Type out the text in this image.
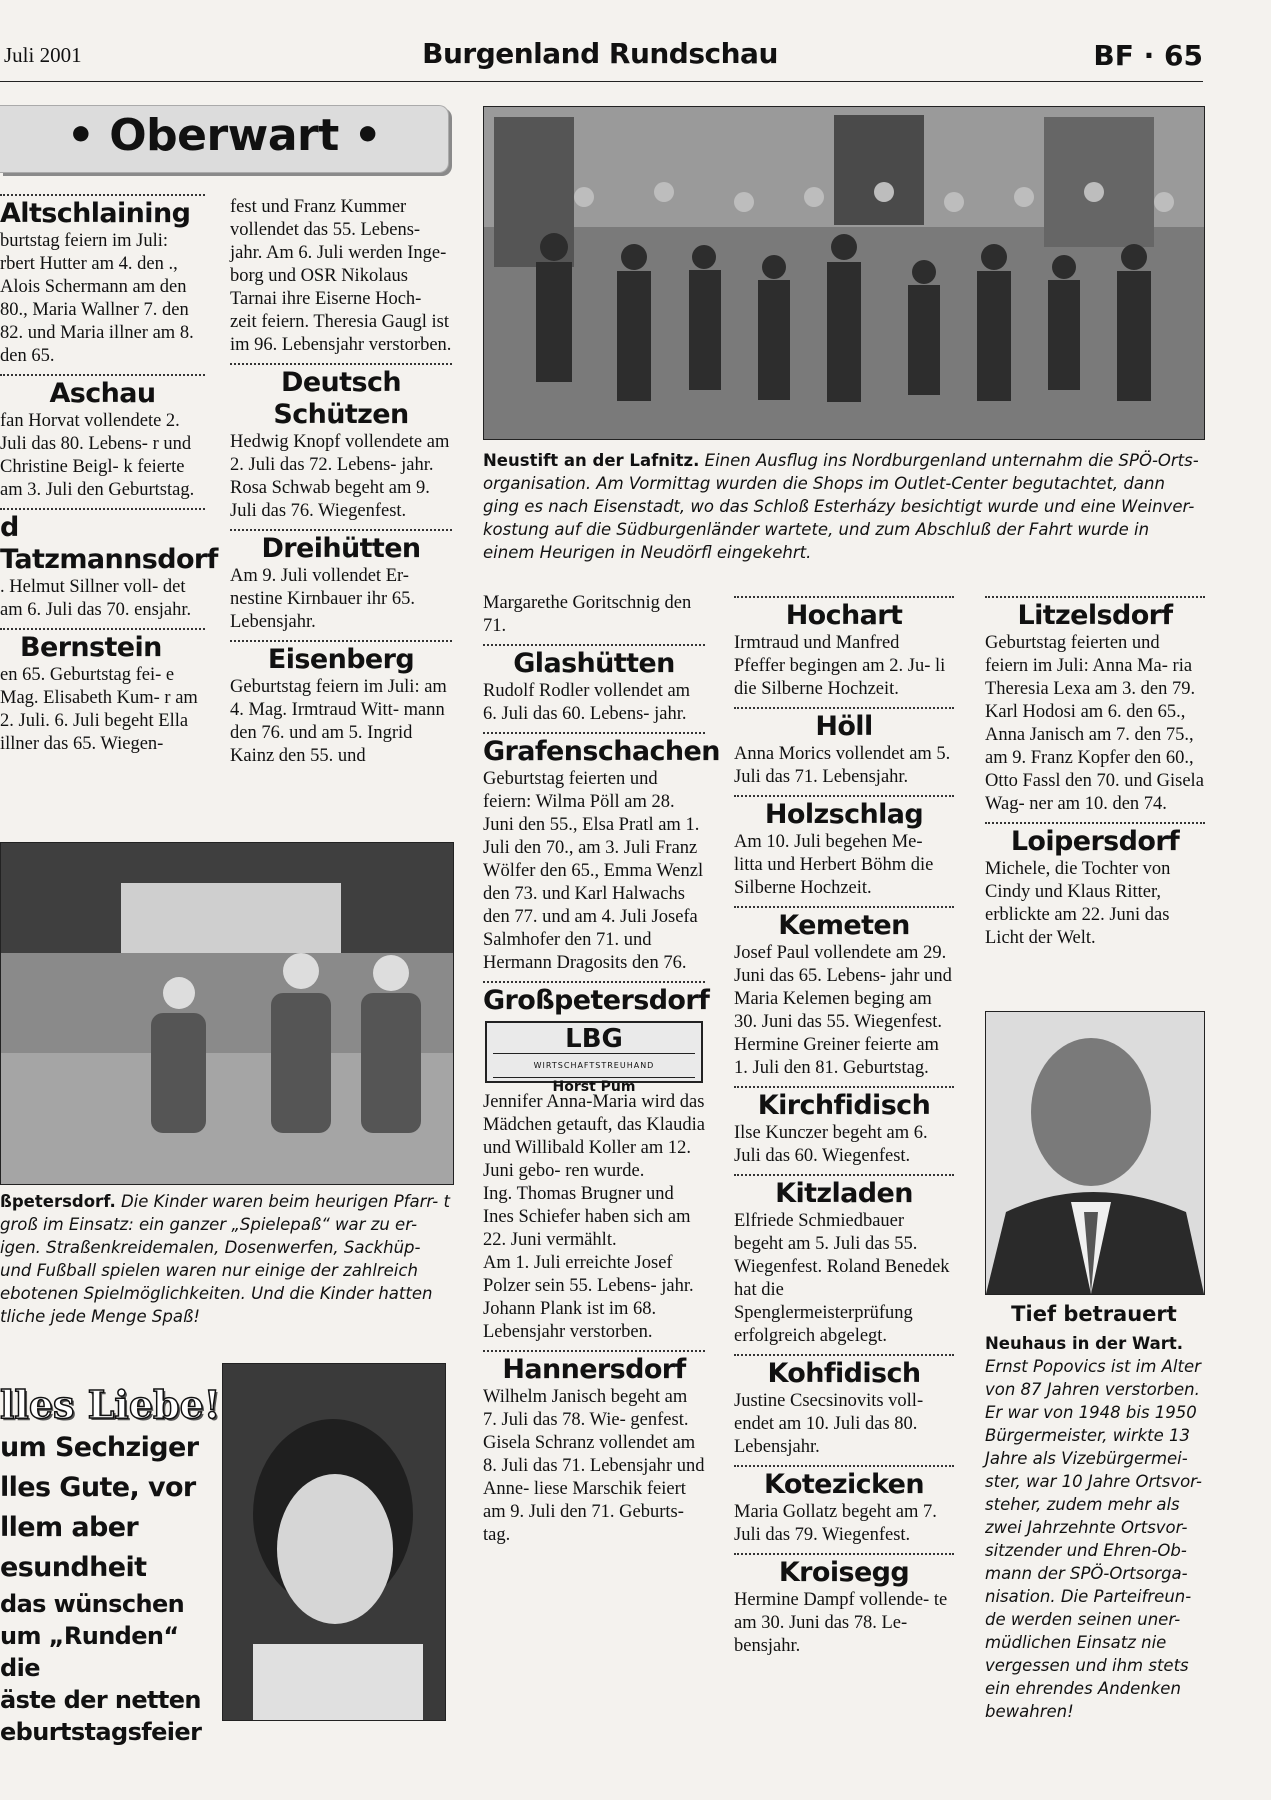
Juli 2001	Burgenland Rundschau	BF · 65
• Oberwart •
Altschlaining

burtstag feiern im Juli: rbert Hutter am 4. den ., Alois Schermann am den 80., Maria Wallner 7. den 82. und Maria illner am 8. den 65.

Aschau

fan Horvat vollendete 2. Juli das 80. Lebens- r und Christine Beigl- k feierte am 3. Juli den Geburtstag.

d Tatzmannsdorf

. Helmut Sillner voll- det am 6. Juli das 70. ensjahr.

Bernstein

en 65. Geburtstag fei- e Mag. Elisabeth Kum- r am 2. Juli. 6. Juli begeht Ella illner das 65. Wiegen-

fest und Franz Kummer vollendet das 55. Lebens- jahr. Am 6. Juli werden Inge- borg und OSR Nikolaus Tarnai ihre Eiserne Hoch- zeit feiern. Theresia Gaugl ist im 96. Lebensjahr verstorben.

Deutsch Schützen

Hedwig Knopf vollendete am 2. Juli das 72. Lebens- jahr. Rosa Schwab begeht am 9. Juli das 76. Wiegenfest.

Dreihütten

Am 9. Juli vollendet Er- nestine Kirnbauer ihr 65. Lebensjahr.

Eisenberg

Geburtstag feiern im Juli: am 4. Mag. Irmtraud Witt- mann den 76. und am 5. Ingrid Kainz den 55. und

Neustift an der Lafnitz. Einen Ausflug ins Nordburgenland unternahm die SPÖ-Orts- organisation. Am Vormittag wurden die Shops im Outlet-Center begutachtet, dann ging es nach Eisenstadt, wo das Schloß Esterházy besichtigt wurde und eine Weinver- kostung auf die Südburgenländer wartete, und zum Abschluß der Fahrt wurde in einem Heurigen in Neudörfl eingekehrt.
ßpetersdorf. Die Kinder waren beim heurigen Pfarr- t groß im Einsatz: ein ganzer „Spielepaß“ war zu er- igen. Straßenkreidemalen, Dosenwerfen, Sackhüp- und Fußball spielen waren nur einige der zahlreich ebotenen Spielmöglichkeiten. Und die Kinder hatten tliche jede Menge Spaß!
lles Liebe!
um Sechziger
lles Gute, vor
llem aber
esundheit
das wünschen
um „Runden“ die
äste der netten
eburtstagsfeier

Margarethe Goritschnig den 71.

Glashütten

Rudolf Rodler vollendet am 6. Juli das 60. Lebens- jahr.

Grafenschachen

Geburtstag feierten und feiern: Wilma Pöll am 28. Juni den 55., Elsa Pratl am 1. Juli den 70., am 3. Juli Franz Wölfer den 65., Emma Wenzl den 73. und Karl Halwachs den 77. und am 4. Juli Josefa Salmhofer den 71. und Hermann Dragosits den 76.

Großpetersdorf
LBG
WIRTSCHAFTSTREUHAND
Horst Pum

Jennifer Anna-Maria wird das Mädchen getauft, das Klaudia und Willibald Koller am 12. Juni gebo- ren wurde.

Ing. Thomas Brugner und Ines Schiefer haben sich am 22. Juni vermählt.

Am 1. Juli erreichte Josef Polzer sein 55. Lebens- jahr.

Johann Plank ist im 68. Lebensjahr verstorben.

Hannersdorf

Wilhelm Janisch begeht am 7. Juli das 78. Wie- genfest. Gisela Schranz vollendet am 8. Juli das 71. Lebensjahr und Anne- liese Marschik feiert am 9. Juli den 71. Geburts- tag.

Hochart

Irmtraud und Manfred Pfeffer begingen am 2. Ju- li die Silberne Hochzeit.

Höll

Anna Morics vollendet am 5. Juli das 71. Lebensjahr.

Holzschlag

Am 10. Juli begehen Me- litta und Herbert Böhm die Silberne Hochzeit.

Kemeten

Josef Paul vollendete am 29. Juni das 65. Lebens- jahr und Maria Kelemen beging am 30. Juni das 55. Wiegenfest. Hermine Greiner feierte am 1. Juli den 81. Geburtstag.

Kirchfidisch

Ilse Kunczer begeht am 6. Juli das 60. Wiegenfest.

Kitzladen

Elfriede Schmiedbauer begeht am 5. Juli das 55. Wiegenfest. Roland Benedek hat die Spenglermeisterprüfung erfolgreich abgelegt.

Kohfidisch

Justine Csecsinovits voll- endet am 10. Juli das 80. Lebensjahr.

Kotezicken

Maria Gollatz begeht am 7. Juli das 79. Wiegenfest.

Kroisegg

Hermine Dampf vollende- te am 30. Juni das 78. Le- bensjahr.

Litzelsdorf

Geburtstag feierten und feiern im Juli: Anna Ma- ria Theresia Lexa am 3. den 79. Karl Hodosi am 6. den 65., Anna Janisch am 7. den 75., am 9. Franz Kopfer den 60., Otto Fassl den 70. und Gisela Wag- ner am 10. den 74.

Loipersdorf

Michele, die Tochter von Cindy und Klaus Ritter, erblickte am 22. Juni das Licht der Welt.

Tief betrauert
Neuhaus in der Wart. Ernst Popovics ist im Alter von 87 Jahren verstorben. Er war von 1948 bis 1950 Bürgermeister, wirkte 13 Jahre als Vizebürgermei- ster, war 10 Jahre Ortsvor- steher, zudem mehr als zwei Jahrzehnte Ortsvor- sitzender und Ehren-Ob- mann der SPÖ-Ortsorga- nisation. Die Parteifreun- de werden seinen uner- müdlichen Einsatz nie vergessen und ihm stets ein ehrendes Andenken bewahren!
